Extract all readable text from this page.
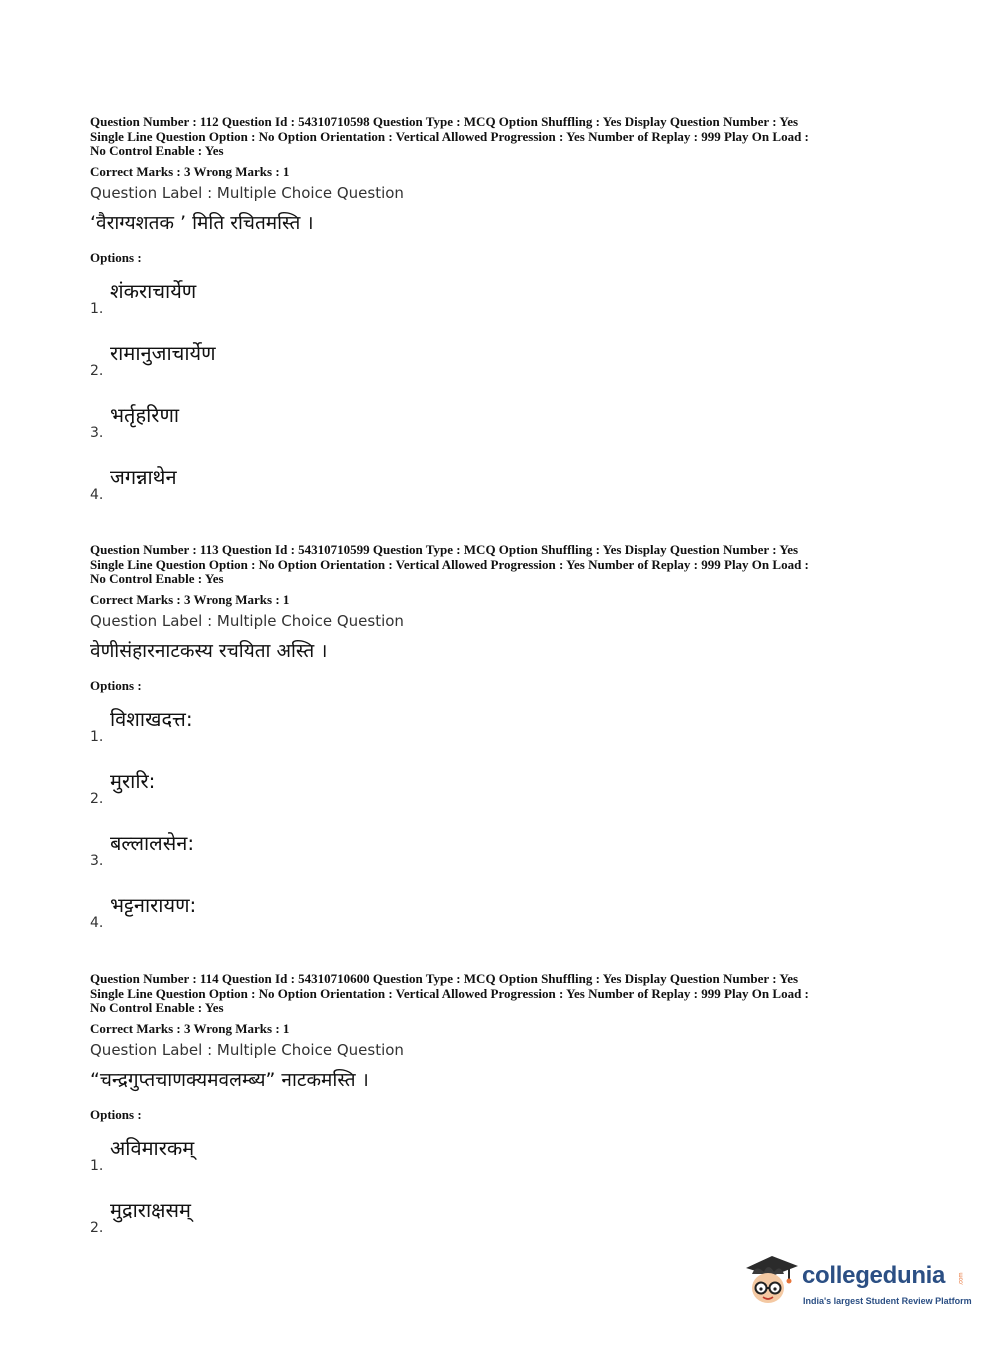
Question Number : 112 Question Id : 54310710598 Question Type : MCQ Option Shuffling : Yes Display Question Number : Yes
Single Line Question Option : No Option Orientation : Vertical Allowed Progression : Yes Number of Replay : 999 Play On Load :
No Control Enable : Yes

Correct Marks : 3 Wrong Marks : 1
Question Label : Multiple Choice Question
‘वैराग्यशतक ’ मिति रचितमस्ति ।
Options :
1.
शंकराचार्येण
2.
रामानुजाचार्येण
3.
भर्तृहरिणा
4.
जगन्नाथेन

Question Number : 113 Question Id : 54310710599 Question Type : MCQ Option Shuffling : Yes Display Question Number : Yes
Single Line Question Option : No Option Orientation : Vertical Allowed Progression : Yes Number of Replay : 999 Play On Load :
No Control Enable : Yes

Correct Marks : 3 Wrong Marks : 1
Question Label : Multiple Choice Question
वेणीसंहारनाटकस्य रचयिता अस्ति ।
Options :
1.
विशाखदत्त:
2.
मुरारि:
3.
बल्लालसेन:
4.
भट्टनारायण:

Question Number : 114 Question Id : 54310710600 Question Type : MCQ Option Shuffling : Yes Display Question Number : Yes
Single Line Question Option : No Option Orientation : Vertical Allowed Progression : Yes Number of Replay : 999 Play On Load :
No Control Enable : Yes

Correct Marks : 3 Wrong Marks : 1
Question Label : Multiple Choice Question
“चन्द्रगुप्तचाणक्यमवलम्ब्य” नाटकमस्ति ।
Options :
1.
अविमारकम्
2.
मुद्राराक्षसम्
collegedunia .com
India's largest Student Review Platform
